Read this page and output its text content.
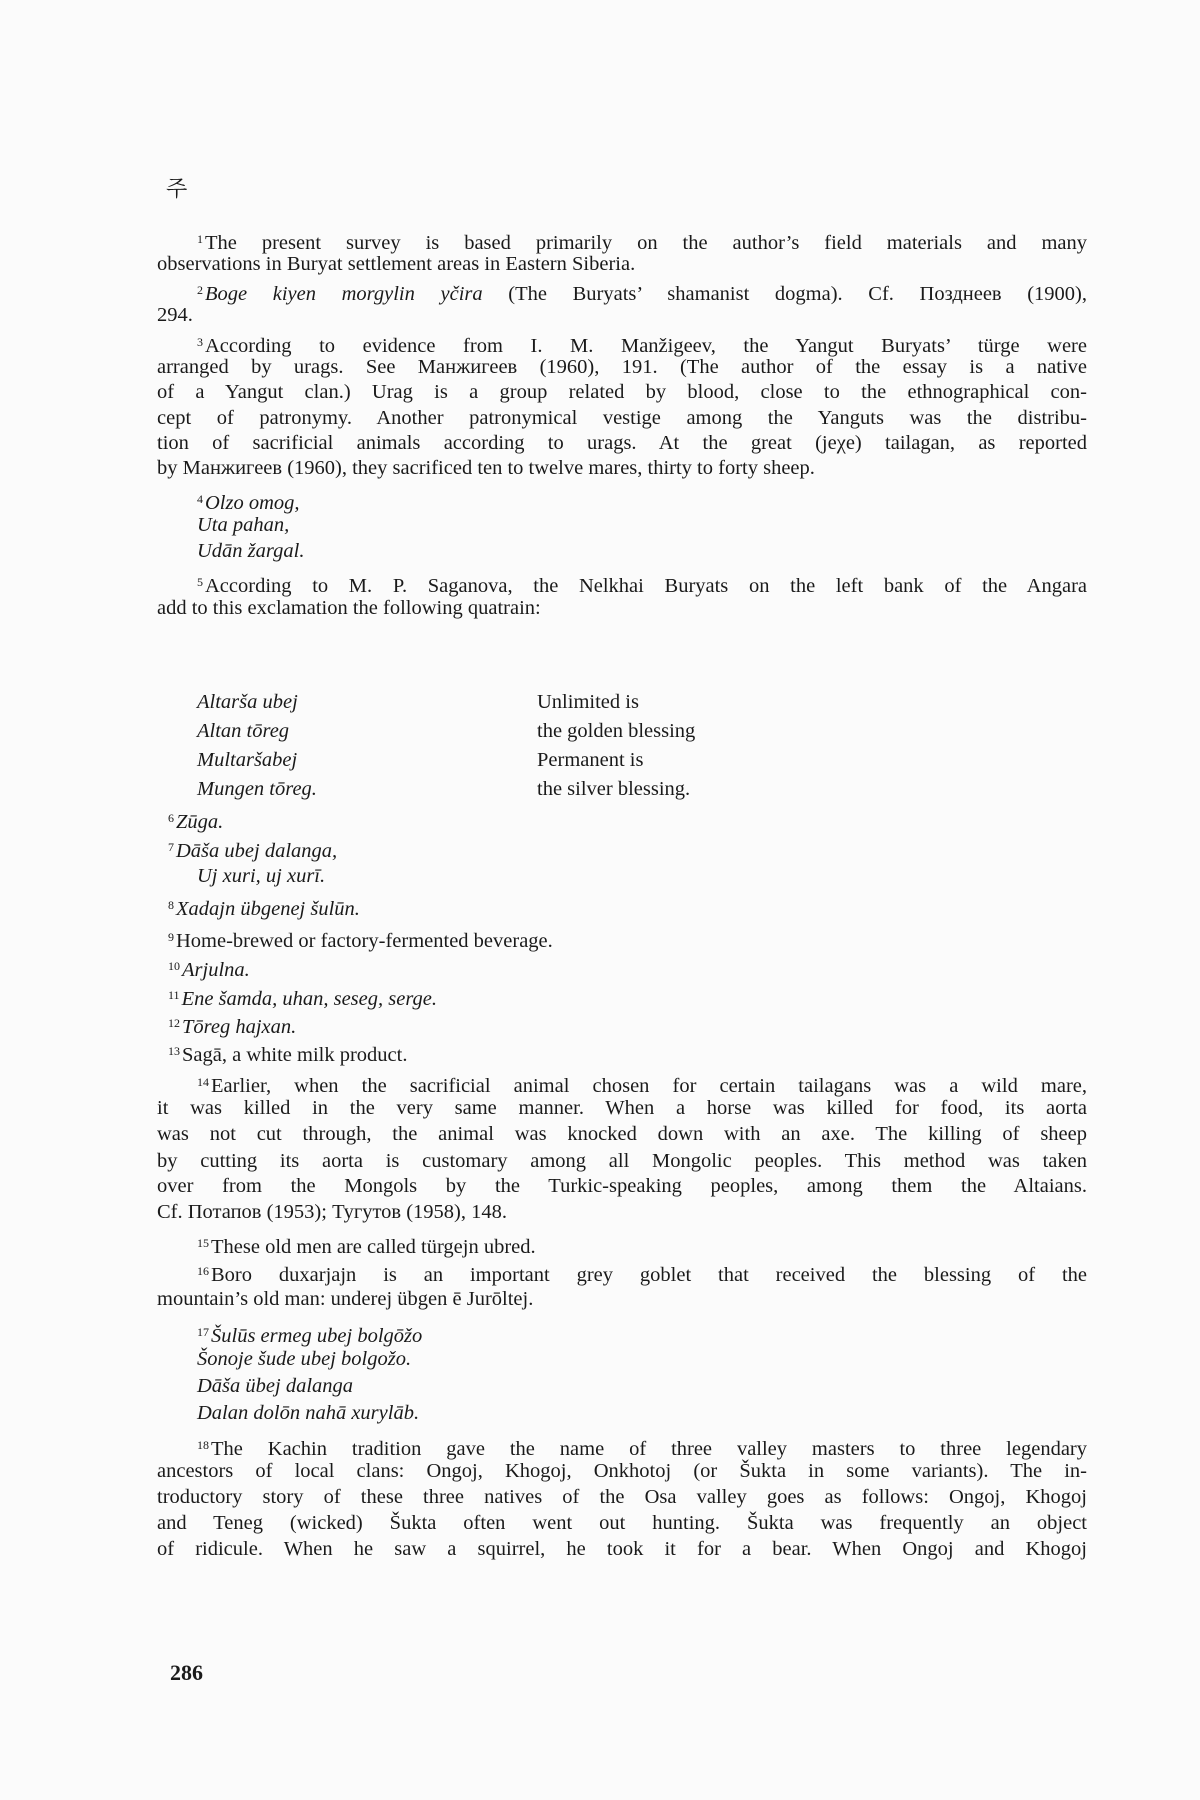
주
$^1$The present survey is based primarily on the author’s field materials and many
observations in Buryat settlement areas in Eastern Siberia.
$^2$Boge kiyen morgylin yčira (The Buryats’ shamanist dogma). Cf. Позднеев (1900),
294.
$^3$According to evidence from I. M. Manžigeev, the Yangut Buryats’ türge were
arranged by urags. See Манжигеев (1960), 191. (The author of the essay is a native
of a Yangut clan.) Urag is a group related by blood, close to the ethnographical con-
cept of patronymy. Another patronymical vestige among the Yanguts was the distribu-
tion of sacrificial animals according to urags. At the great (jeχe) tailagan, as reported
by Манжигеев (1960), they sacrificed ten to twelve mares, thirty to forty sheep.
$^4$Olzo omog,
Uta pahan,
Udān žargal.
$^5$According to M. P. Saganova, the Nelkhai Buryats on the left bank of the Angara
add to this exclamation the following quatrain:
Altarša ubej
Altan tōreg
Multaršabej
Mungen tōreg.
Unlimited is
the golden blessing
Permanent is
the silver blessing.
$^6$Zūga.
$^7$Dāša ubej dalanga,
Uj xuri, uj xurī.
$^8$Xadajn übgenej šulūn.
$^9$Home-brewed or factory-fermented beverage.
$^{10}$Arjulna.
$^{11}$Ene šamda, uhan, seseg, serge.
$^{12}$Tōreg hajxan.
$^{13}$Sagā, a white milk product.
$^{14}$Earlier, when the sacrificial animal chosen for certain tailagans was a wild mare,
it was killed in the very same manner. When a horse was killed for food, its aorta
was not cut through, the animal was knocked down with an axe. The killing of sheep
by cutting its aorta is customary among all Mongolic peoples. This method was taken
over from the Mongols by the Turkic-speaking peoples, among them the Altaians.
Cf. Потапов (1953); Тугутов (1958), 148.
$^{15}$These old men are called türgejn ubred.
$^{16}$Boro duxarjajn is an important grey goblet that received the blessing of the
mountain’s old man: underej übgen ē Jurōltej.
$^{17}$Šulūs ermeg ubej bolgōžo
Šonoje šude ubej bolgožo.
Dāša übej dalanga
Dalan dolōn nahā xurylāb.
$^{18}$The Kachin tradition gave the name of three valley masters to three legendary
ancestors of local clans: Ongoj, Khogoj, Onkhotoj (or Šukta in some variants). The in-
troductory story of these three natives of the Osa valley goes as follows: Ongoj, Khogoj
and Teneg (wicked) Šukta often went out hunting. Šukta was frequently an object
of ridicule. When he saw a squirrel, he took it for a bear. When Ongoj and Khogoj
286
